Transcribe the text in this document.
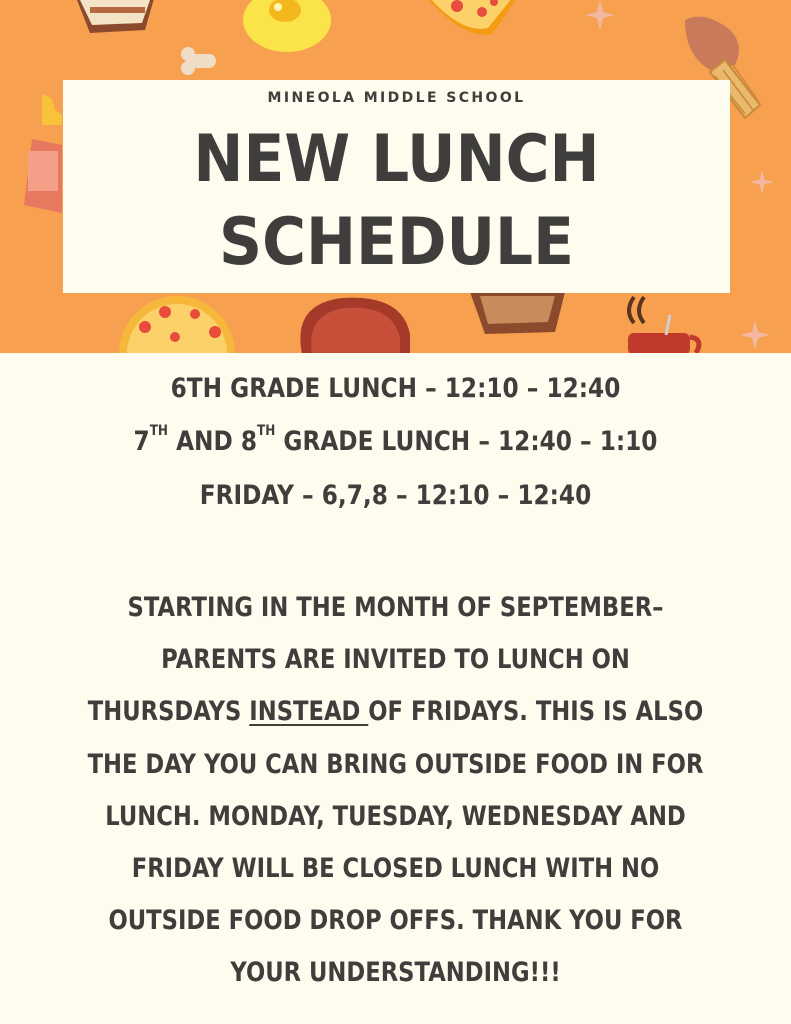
MINEOLA MIDDLE SCHOOL
NEW LUNCH
SCHEDULE
6TH GRADE LUNCH – 12:10 – 12:40
7TH AND 8TH GRADE LUNCH – 12:40 – 1:10
FRIDAY – 6,7,8 – 12:10 – 12:40
STARTING IN THE MONTH OF SEPTEMBER–
PARENTS ARE INVITED TO LUNCH ON
THURSDAYS INSTEAD OF FRIDAYS. THIS IS ALSO
THE DAY YOU CAN BRING OUTSIDE FOOD IN FOR
LUNCH. MONDAY, TUESDAY, WEDNESDAY AND
FRIDAY WILL BE CLOSED LUNCH WITH NO
OUTSIDE FOOD DROP OFFS. THANK YOU FOR
YOUR UNDERSTANDING!!!
